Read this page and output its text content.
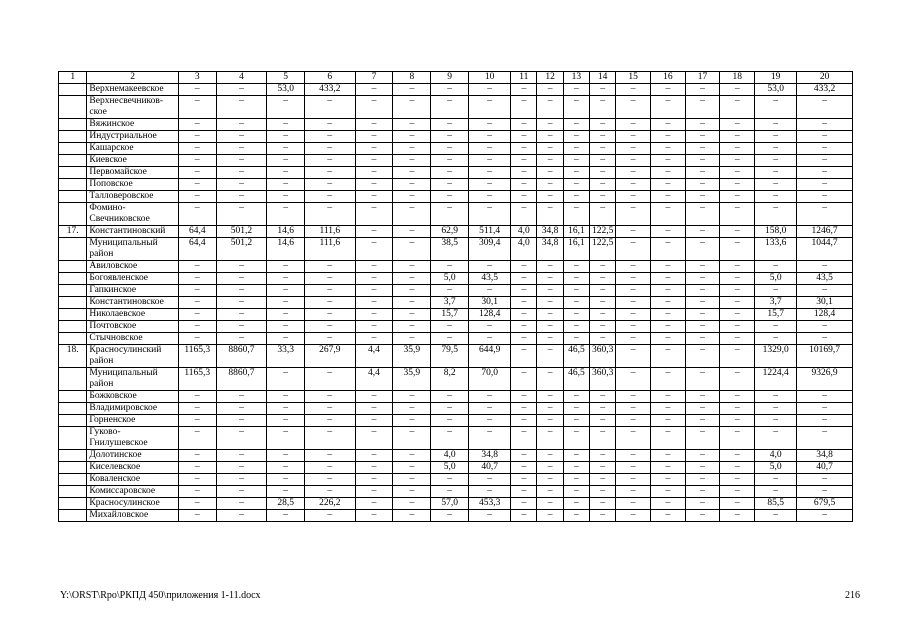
1	2	3	4	5	6	7	8	9	10	11	12	13	14	15	16	17	18	19	20
	Верхнемакеевское	–	–	53,0	433,2	–	–	–	–	–	–	–	–	–	–	–	–	53,0	433,2
	Верхнесвечников-ское	–	–	–	–	–	–	–	–	–	–	–	–	–	–	–	–	–	–
	Вяжинское	–	–	–	–	–	–	–	–	–	–	–	–	–	–	–	–	–	–
	Индустриальное	–	–	–	–	–	–	–	–	–	–	–	–	–	–	–	–	–	–
	Кашарское	–	–	–	–	–	–	–	–	–	–	–	–	–	–	–	–	–	–
	Киевское	–	–	–	–	–	–	–	–	–	–	–	–	–	–	–	–	–	–
	Первомайское	–	–	–	–	–	–	–	–	–	–	–	–	–	–	–	–	–	–
	Поповское	–	–	–	–	–	–	–	–	–	–	–	–	–	–	–	–	–	–
	Талловеровское	–	–	–	–	–	–	–	–	–	–	–	–	–	–	–	–	–	–
	Фомино-Свечниковское	–	–	–	–	–	–	–	–	–	–	–	–	–	–	–	–	–	–
17.	Константиновский	64,4	501,2	14,6	111,6	–	–	62,9	511,4	4,0	34,8	16,1	122,5	–	–	–	–	158,0	1246,7
	Муниципальный район	64,4	501,2	14,6	111,6	–	–	38,5	309,4	4,0	34,8	16,1	122,5	–	–	–	–	133,6	1044,7
	Авиловское	–	–	–	–	–	–	–	–	–	–	–	–	–	–	–	–	–	–
	Богоявленское	–	–	–	–	–	–	5,0	43,5	–	–	–	–	–	–	–	–	5,0	43,5
	Гапкинское	–	–	–	–	–	–	–	–	–	–	–	–	–	–	–	–	–	–
	Константиновское	–	–	–	–	–	–	3,7	30,1	–	–	–	–	–	–	–	–	3,7	30,1
	Николаевское	–	–	–	–	–	–	15,7	128,4	–	–	–	–	–	–	–	–	15,7	128,4
	Почтовское	–	–	–	–	–	–	–	–	–	–	–	–	–	–	–	–	–	–
	Стычновское	–	–	–	–	–	–	–	–	–	–	–	–	–	–	–	–	–	–
18.	Красносулинский район	1165,3	8860,7	33,3	267,9	4,4	35,9	79,5	644,9	–	–	46,5	360,3	–	–	–	–	1329,0	10169,7
	Муниципальный район	1165,3	8860,7	–	–	4,4	35,9	8,2	70,0	–	–	46,5	360,3	–	–	–	–	1224,4	9326,9
	Божковское	–	–	–	–	–	–	–	–	–	–	–	–	–	–	–	–	–	–
	Владимировское	–	–	–	–	–	–	–	–	–	–	–	–	–	–	–	–	–	–
	Горненское	–	–	–	–	–	–	–	–	–	–	–	–	–	–	–	–	–	–
	Гуково-Гнилушевское	–	–	–	–	–	–	–	–	–	–	–	–	–	–	–	–	–	–
	Долотинское	–	–	–	–	–	–	4,0	34,8	–	–	–	–	–	–	–	–	4,0	34,8
	Киселевское	–	–	–	–	–	–	5,0	40,7	–	–	–	–	–	–	–	–	5,0	40,7
	Коваленское	–	–	–	–	–	–	–	–	–	–	–	–	–	–	–	–	–	–
	Комиссаровское	–	–	–	–	–	–	–	–	–	–	–	–	–	–	–	–	–	–
	Красносулинское	–	–	28,5	226,2	–	–	57,0	453,3	–	–	–	–	–	–	–	–	85,5	679,5
	Михайловское	–	–	–	–	–	–	–	–	–	–	–	–	–	–	–	–	–	–
Y:\ORST\Rpo\РКПД 450\приложения 1-11.docx	216
